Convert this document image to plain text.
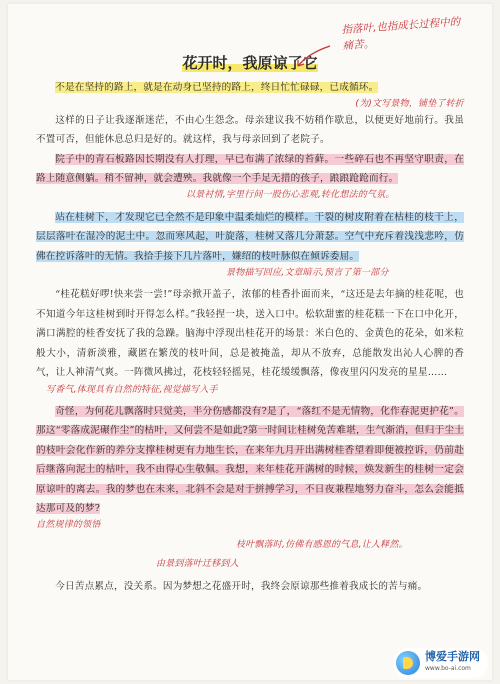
花开时，我原谅了它
指落叶,也指成长过程中的痛苦。

不是在坚持的路上，就是在动身已坚持的路上，终日忙忙碌碌，已成循环。

(为)文写景物，铺垫了转折

这样的日子让我逐渐迷茫，不由心生怨念。母亲建议我不妨稍作歇息，以便更好地前行。我虽不置可否，但能休息总归是好的。就这样，我与母亲回到了老院子。

院子中的青石板路因长期没有人打理，早已布满了浓绿的苔藓。一些碎石也不再坚守职责，在路上随意侧躺。稍不留神，就会遭殃。我就像一个手足无措的孩子，踉踉跄跄而行。

以景衬情,字里行间一股伤心悲观,转化想法的气氛。

站在桂树下，才发现它已全然不是印象中温柔灿烂的模样。干裂的树皮附着在枯桂的枝干上，层层落叶在湿冷的泥土中。忽而寒风起，叶旋落，桂树又落几分萧瑟。空气中充斥着浅浅悲吟，仿佛在控诉落叶的无情。我拾手接下几片落叶，嫌绍的枝叶脉似在倾诉委屈。

景物描写回应,文章暗示,预言了第一部分

“桂花糕好啰!快来尝一尝!”母亲掀开盖子，浓郁的桂香扑面而来，“这还是去年摘的桂花呢，也不知道今年这桂树到时开得怎么样。”我轻捏一块，送入口中。松软甜蜜的桂花糕一下在口中化开，满口满腔的桂香安抚了我的急躁。脑海中浮现出桂花开的场景：米白色的、金黄色的花朵，如米粒般大小，清新淡雅，藏匿在繁茂的枝叶间，总是被掩盖，却从不放弃，总能散发出沁人心脾的香气，让人神清气爽。一阵微风拂过，花枝轻轻摇晃，桂花缓缓飘落，像夜里闪闪发亮的星星……

写香气,体现具有自然的特征,视觉描写入手

奇怪，为何花儿飘落时只觉美，半分伤感都没有?是了，“落红不是无情物，化作春泥更护花”。那这“零落成泥碾作尘”的枯叶，又何尝不是如此?第一时间让桂树免苦难堪，生气渐消，但归于尘土的枝叶会化作新的养分支撑桂树更有力地生长，在来年九月开出满树桂香望着即便被控诉，仍前赴后继落向泥土的枯叶，我不由得心生敬佩。我想，来年桂花开满树的时候，焕发新生的桂树一定会原谅叶的离去。我的梦也在未来，北斜不会是对于拼搏学习，不日夜兼程地努力奋斗，怎么会能抵达那可及的梦?

自然规律的领悟
枝叶飘落时,仿佛有感恩的气息,让人释然。
由景到落叶迁移到人

今日苦点累点，没关系。因为梦想之花盛开时，我终会原谅那些推着我成长的苦与痛。

博爱手游网
www.bo-ai.com
